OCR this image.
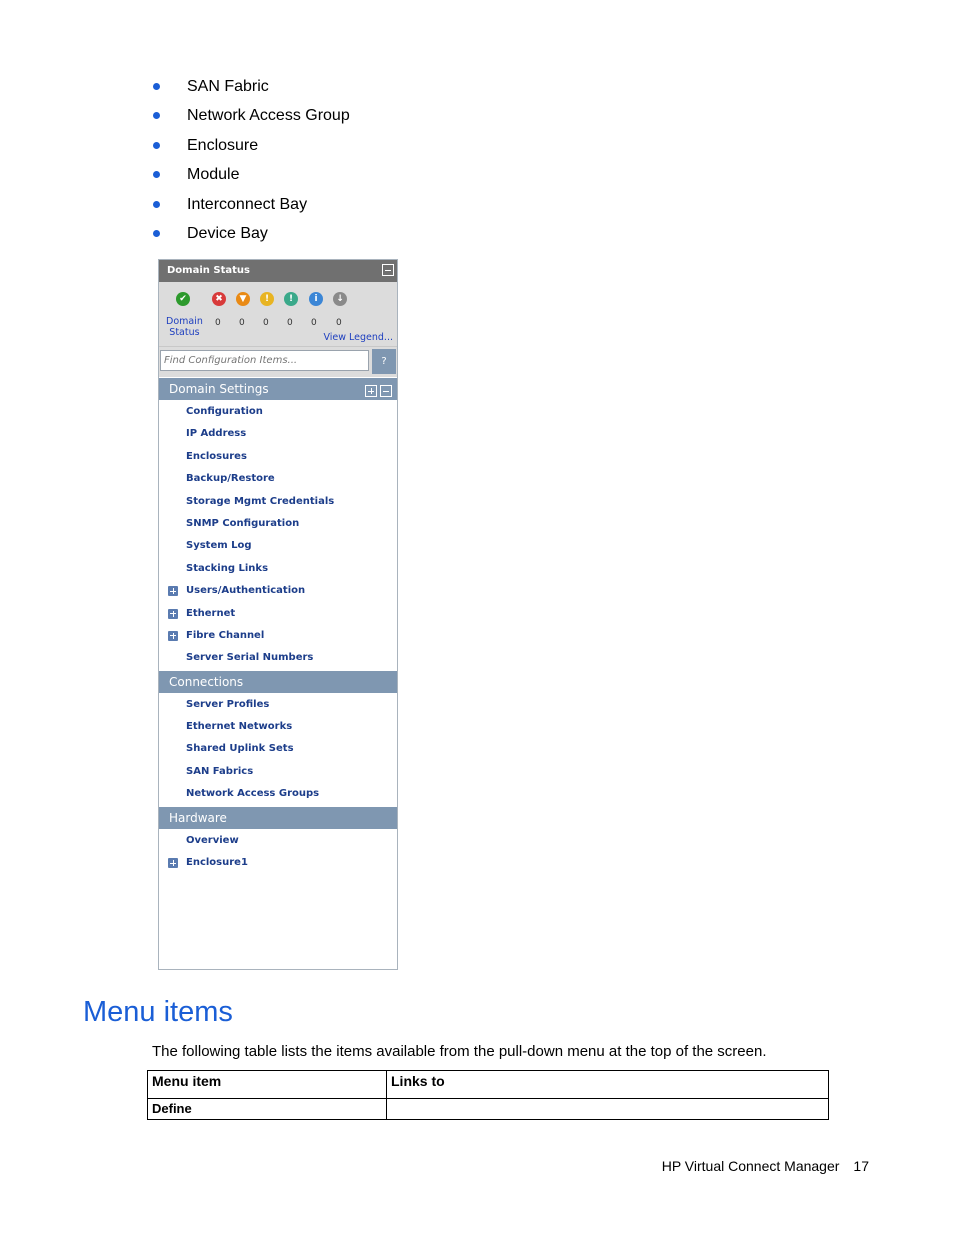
SAN Fabric
Network Access Group
Enclosure
Module
Interconnect Bay
Device Bay
Domain Status
Domain
Status	View Legend...
✔	✖	▼	!	!	i	↓
0 0 0 0 0 0
Find Configuration Items...
?
Domain Settings
Configuration
IP Address
Enclosures
Backup/Restore
Storage Mgmt Credentials
SNMP Configuration
System Log
Stacking Links
Users/Authentication
Ethernet
Fibre Channel
Server Serial Numbers
Connections
Server Profiles
Ethernet Networks
Shared Uplink Sets
SAN Fabrics
Network Access Groups
Hardware
Overview
Enclosure1
Menu items

The following table lists the items available from the pull-down menu at the top of the screen.

Menu item	Links to
Define	
HP Virtual Connect Manager 17
